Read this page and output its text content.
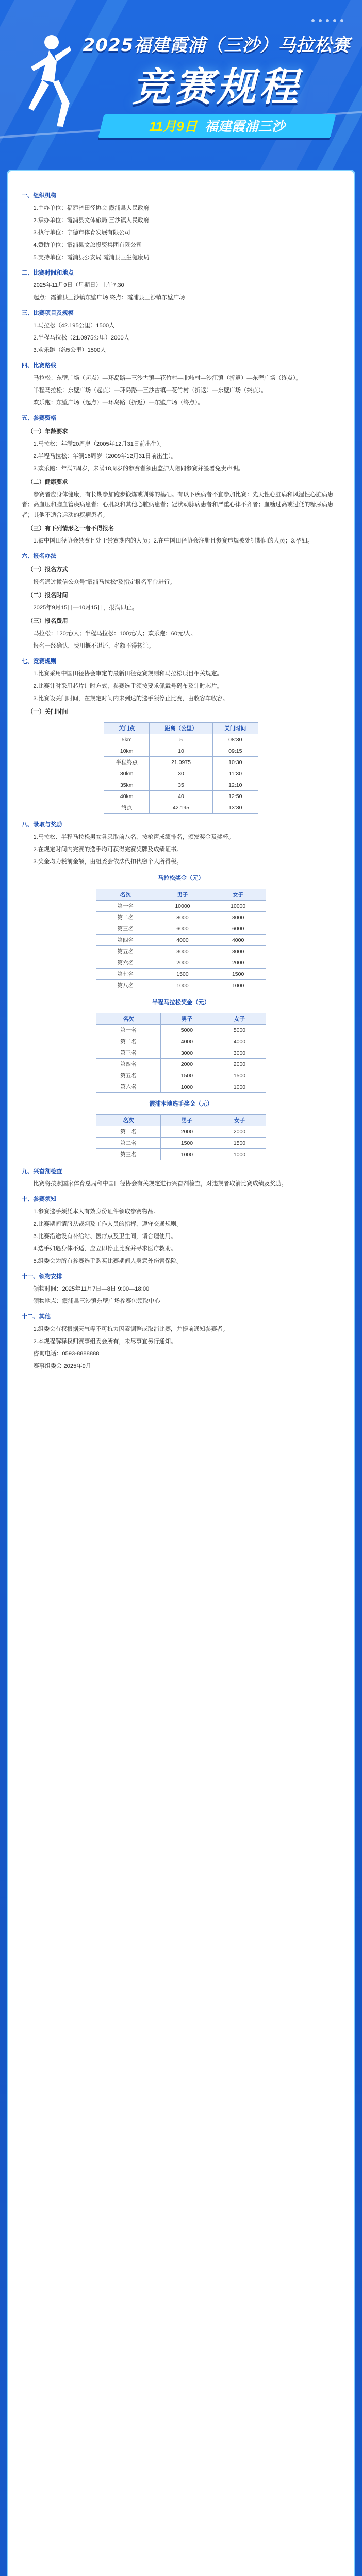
2025福建霞浦（三沙）马拉松赛
竞赛规程
11月9日 福建霞浦三沙

一、组织机构

1.主办单位：福建省田径协会 霞浦县人民政府

2.承办单位：霞浦县文体旅局 三沙镇人民政府

3.执行单位：宁德市体育发展有限公司

4.赞助单位：霞浦县文旅投资集团有限公司

5.支持单位：霞浦县公安局 霞浦县卫生健康局

二、比赛时间和地点

2025年11月9日（星期日）上午7:30

起点：霞浦县三沙镇东壁广场 终点：霞浦县三沙镇东壁广场

三、比赛项目及规模

1.马拉松（42.195公里）1500人

2.半程马拉松（21.0975公里）2000人

3.欢乐跑（约5公里）1500人

四、比赛路线

马拉松：东壁广场（起点）—环岛路—三沙古镇—花竹村—北岐村—沙江镇（折返）—东壁广场（终点）。

半程马拉松：东壁广场（起点）—环岛路—三沙古镇—花竹村（折返）—东壁广场（终点）。

欢乐跑：东壁广场（起点）—环岛路（折返）—东壁广场（终点）。

五、参赛资格

（一）年龄要求

1.马拉松：年满20周岁（2005年12月31日前出生）。

2.半程马拉松：年满16周岁（2009年12月31日前出生）。

3.欢乐跑：年满7周岁，未满18周岁的参赛者须由监护人陪同参赛并签署免责声明。

（二）健康要求

参赛者应身体健康，有长期参加跑步锻炼或训练的基础。有以下疾病者不宜参加比赛：先天性心脏病和风湿性心脏病患者；高血压和脑血管疾病患者；心肌炎和其他心脏病患者；冠状动脉病患者和严重心律不齐者；血糖过高或过低的糖尿病患者；其他不适合运动的疾病患者。

（三）有下列情形之一者不得报名

1.被中国田径协会禁赛且处于禁赛期内的人员；2.在中国田径协会注册且参赛违规被处罚期间的人员；3.孕妇。

六、报名办法

（一）报名方式

报名通过微信公众号“霞浦马拉松”及指定报名平台进行。

（二）报名时间

2025年9月15日—10月15日，报满即止。

（三）报名费用

马拉松：120元/人；半程马拉松：100元/人；欢乐跑：60元/人。

报名一经确认，费用概不退还，名额不得转让。

七、竞赛规则

1.比赛采用中国田径协会审定的最新田径竞赛规则和马拉松项目相关规定。

2.比赛计时采用芯片计时方式，参赛选手须按要求佩戴号码布及计时芯片。

3.比赛设关门时间，在规定时间内未到达的选手须停止比赛，由收容车收容。

（一）关门时间

关门点	距离（公里）	关门时间
5km	5	08:30
10km	10	09:15
半程终点	21.0975	10:30
30km	30	11:30
35km	35	12:10
40km	40	12:50
终点	42.195	13:30

八、录取与奖励

1.马拉松、半程马拉松男女各录取前八名，按枪声成绩排名，颁发奖金及奖杯。

2.在规定时间内完赛的选手均可获得完赛奖牌及成绩证书。

3.奖金均为税前金额，由组委会依法代扣代缴个人所得税。

马拉松奖金（元）
名次	男子	女子
第一名	10000	10000
第二名	8000	8000
第三名	6000	6000
第四名	4000	4000
第五名	3000	3000
第六名	2000	2000
第七名	1500	1500
第八名	1000	1000
半程马拉松奖金（元）
名次	男子	女子
第一名	5000	5000
第二名	4000	4000
第三名	3000	3000
第四名	2000	2000
第五名	1500	1500
第六名	1000	1000
霞浦本地选手奖金（元）
名次	男子	女子
第一名	2000	2000
第二名	1500	1500
第三名	1000	1000

九、兴奋剂检查

比赛将按照国家体育总局和中国田径协会有关规定进行兴奋剂检查，对违规者取消比赛成绩及奖励。

十、参赛须知

1.参赛选手须凭本人有效身份证件领取参赛物品。

2.比赛期间请服从裁判及工作人员的指挥，遵守交通规则。

3.比赛沿途设有补给站、医疗点及卫生间，请合理使用。

4.选手如遇身体不适，应立即停止比赛并寻求医疗救助。

5.组委会为所有参赛选手购买比赛期间人身意外伤害保险。

十一、领物安排

领物时间：2025年11月7日—8日 9:00—18:00

领物地点：霞浦县三沙镇东壁广场参赛包领取中心

十二、其他

1.组委会有权根据天气等不可抗力因素调整或取消比赛，并提前通知参赛者。

2.本规程解释权归赛事组委会所有，未尽事宜另行通知。

咨询电话：0593-8888888

赛事组委会 2025年9月
